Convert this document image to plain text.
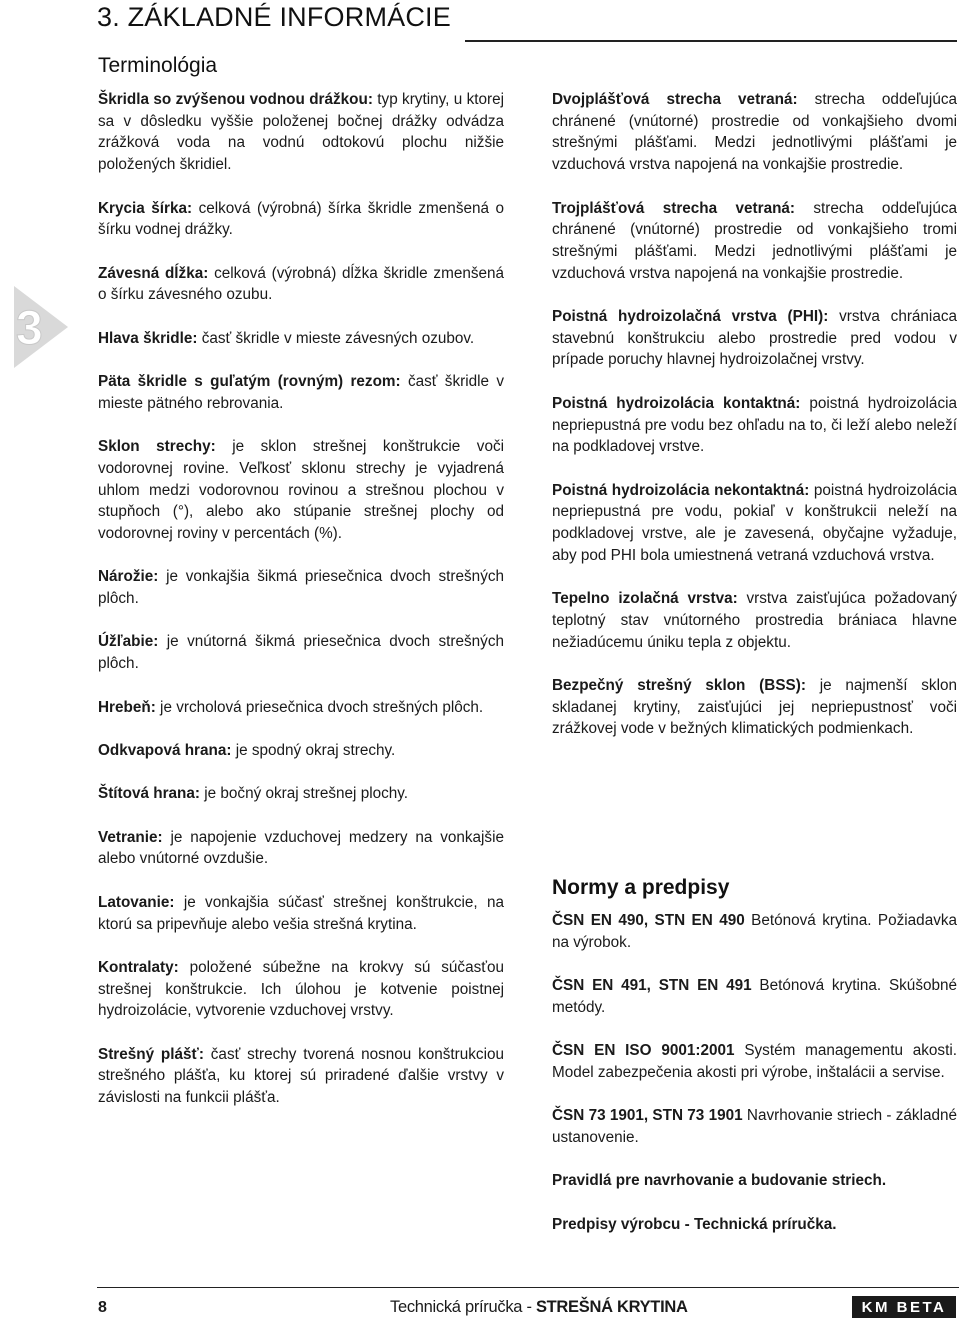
3. ZÁKLADNÉ INFORMÁCIE
3
Terminológia

Škridla so zvýšenou vodnou drážkou: typ krytiny, u ktorej sa v dôsledku vyššie položenej bočnej drážky odvádza zrážková voda na vodnú odtokovú plochu nižšie položených škridiel.

Krycia šírka: celková (výrobná) šírka škridle zmenšená o šírku vodnej drážky.

Závesná dĺžka: celková (výrobná) dĺžka škridle zmenšená o šírku závesného ozubu.

Hlava škridle: časť škridle v mieste závesných ozubov.

Päta škridle s guľatým (rovným) rezom: časť škridle v mieste pätného rebrovania.

Sklon strechy: je sklon strešnej konštrukcie voči vodorovnej rovine. Veľkosť sklonu strechy je vyjadrená uhlom medzi vodorovnou rovinou a strešnou plochou v stupňoch (°), alebo ako stúpanie strešnej plochy od vodorovnej roviny v percentách (%).

Nárožie: je vonkajšia šikmá priesečnica dvoch strešných plôch.

Úžľabie: je vnútorná šikmá priesečnica dvoch strešných plôch.

Hrebeň: je vrcholová priesečnica dvoch strešných plôch.

Odkvapová hrana: je spodný okraj strechy.

Štítová hrana: je bočný okraj strešnej plochy.

Vetranie: je napojenie vzduchovej medzery na vonkajšie alebo vnútorné ovzdušie.

Latovanie: je vonkajšia súčasť strešnej konštrukcie, na ktorú sa pripevňuje alebo vešia strešná krytina.

Kontralaty: položené súbežne na krokvy sú súčasťou strešnej konštrukcie. Ich úlohou je kotvenie poistnej hydroizolácie, vytvorenie vzduchovej vrstvy.

Strešný plášť: časť strechy tvorená nosnou konštrukciou strešného plášťa, ku ktorej sú priradené ďalšie vrstvy v závislosti na funkcii plášťa.

Dvojplášťová strecha vetraná: strecha oddeľujúca chránené (vnútorné) prostredie od vonkajšieho dvomi strešnými plášťami. Medzi jednotlivými plášťami je vzduchová vrstva napojená na vonkajšie prostredie.

Trojplášťová strecha vetraná: strecha oddeľujúca chránené (vnútorné) prostredie od vonkajšieho tromi strešnými plášťami. Medzi jednotlivými plášťami je vzduchová vrstva napojená na vonkajšie prostredie.

Poistná hydroizolačná vrstva (PHI): vrstva chrániaca stavebnú konštrukciu alebo prostredie pred vodou v prípade poruchy hlavnej hydroizolačnej vrstvy.

Poistná hydroizolácia kontaktná: poistná hydroizolácia nepriepustná pre vodu bez ohľadu na to, či leží alebo neleží na podkladovej vrstve.

Poistná hydroizolácia nekontaktná: poistná hydroizolácia nepriepustná pre vodu, pokiaľ v konštrukcii neleží na podkladovej vrstve, ale je zavesená, obyčajne vyžaduje, aby pod PHI bola umiestnená vetraná vzduchová vrstva.

Tepelno izolačná vrstva: vrstva zaisťujúca požadovaný teplotný stav vnútorného prostredia brániaca hlavne nežiadúcemu úniku tepla z objektu.

Bezpečný strešný sklon (BSS): je najmenší sklon skladanej krytiny, zaisťujúci jej nepriepustnosť voči zrážkovej vode v bežných klimatických podmienkach.

Normy a predpisy

ČSN EN 490, STN EN 490 Betónová krytina. Požiadavka na výrobok.

ČSN EN 491, STN EN 491 Betónová krytina. Skúšobné metódy.

ČSN EN ISO 9001:2001 Systém managementu akosti. Model zabezpečenia akosti pri výrobe, inštalácii a servise.

ČSN 73 1901, STN 73 1901 Navrhovanie striech - základné ustanovenie.

Pravidlá pre navrhovanie a budovanie striech.

Predpisy výrobcu - Technická príručka.

8	Technická príručka - STREŠNÁ KRYTINA	KM BETA
